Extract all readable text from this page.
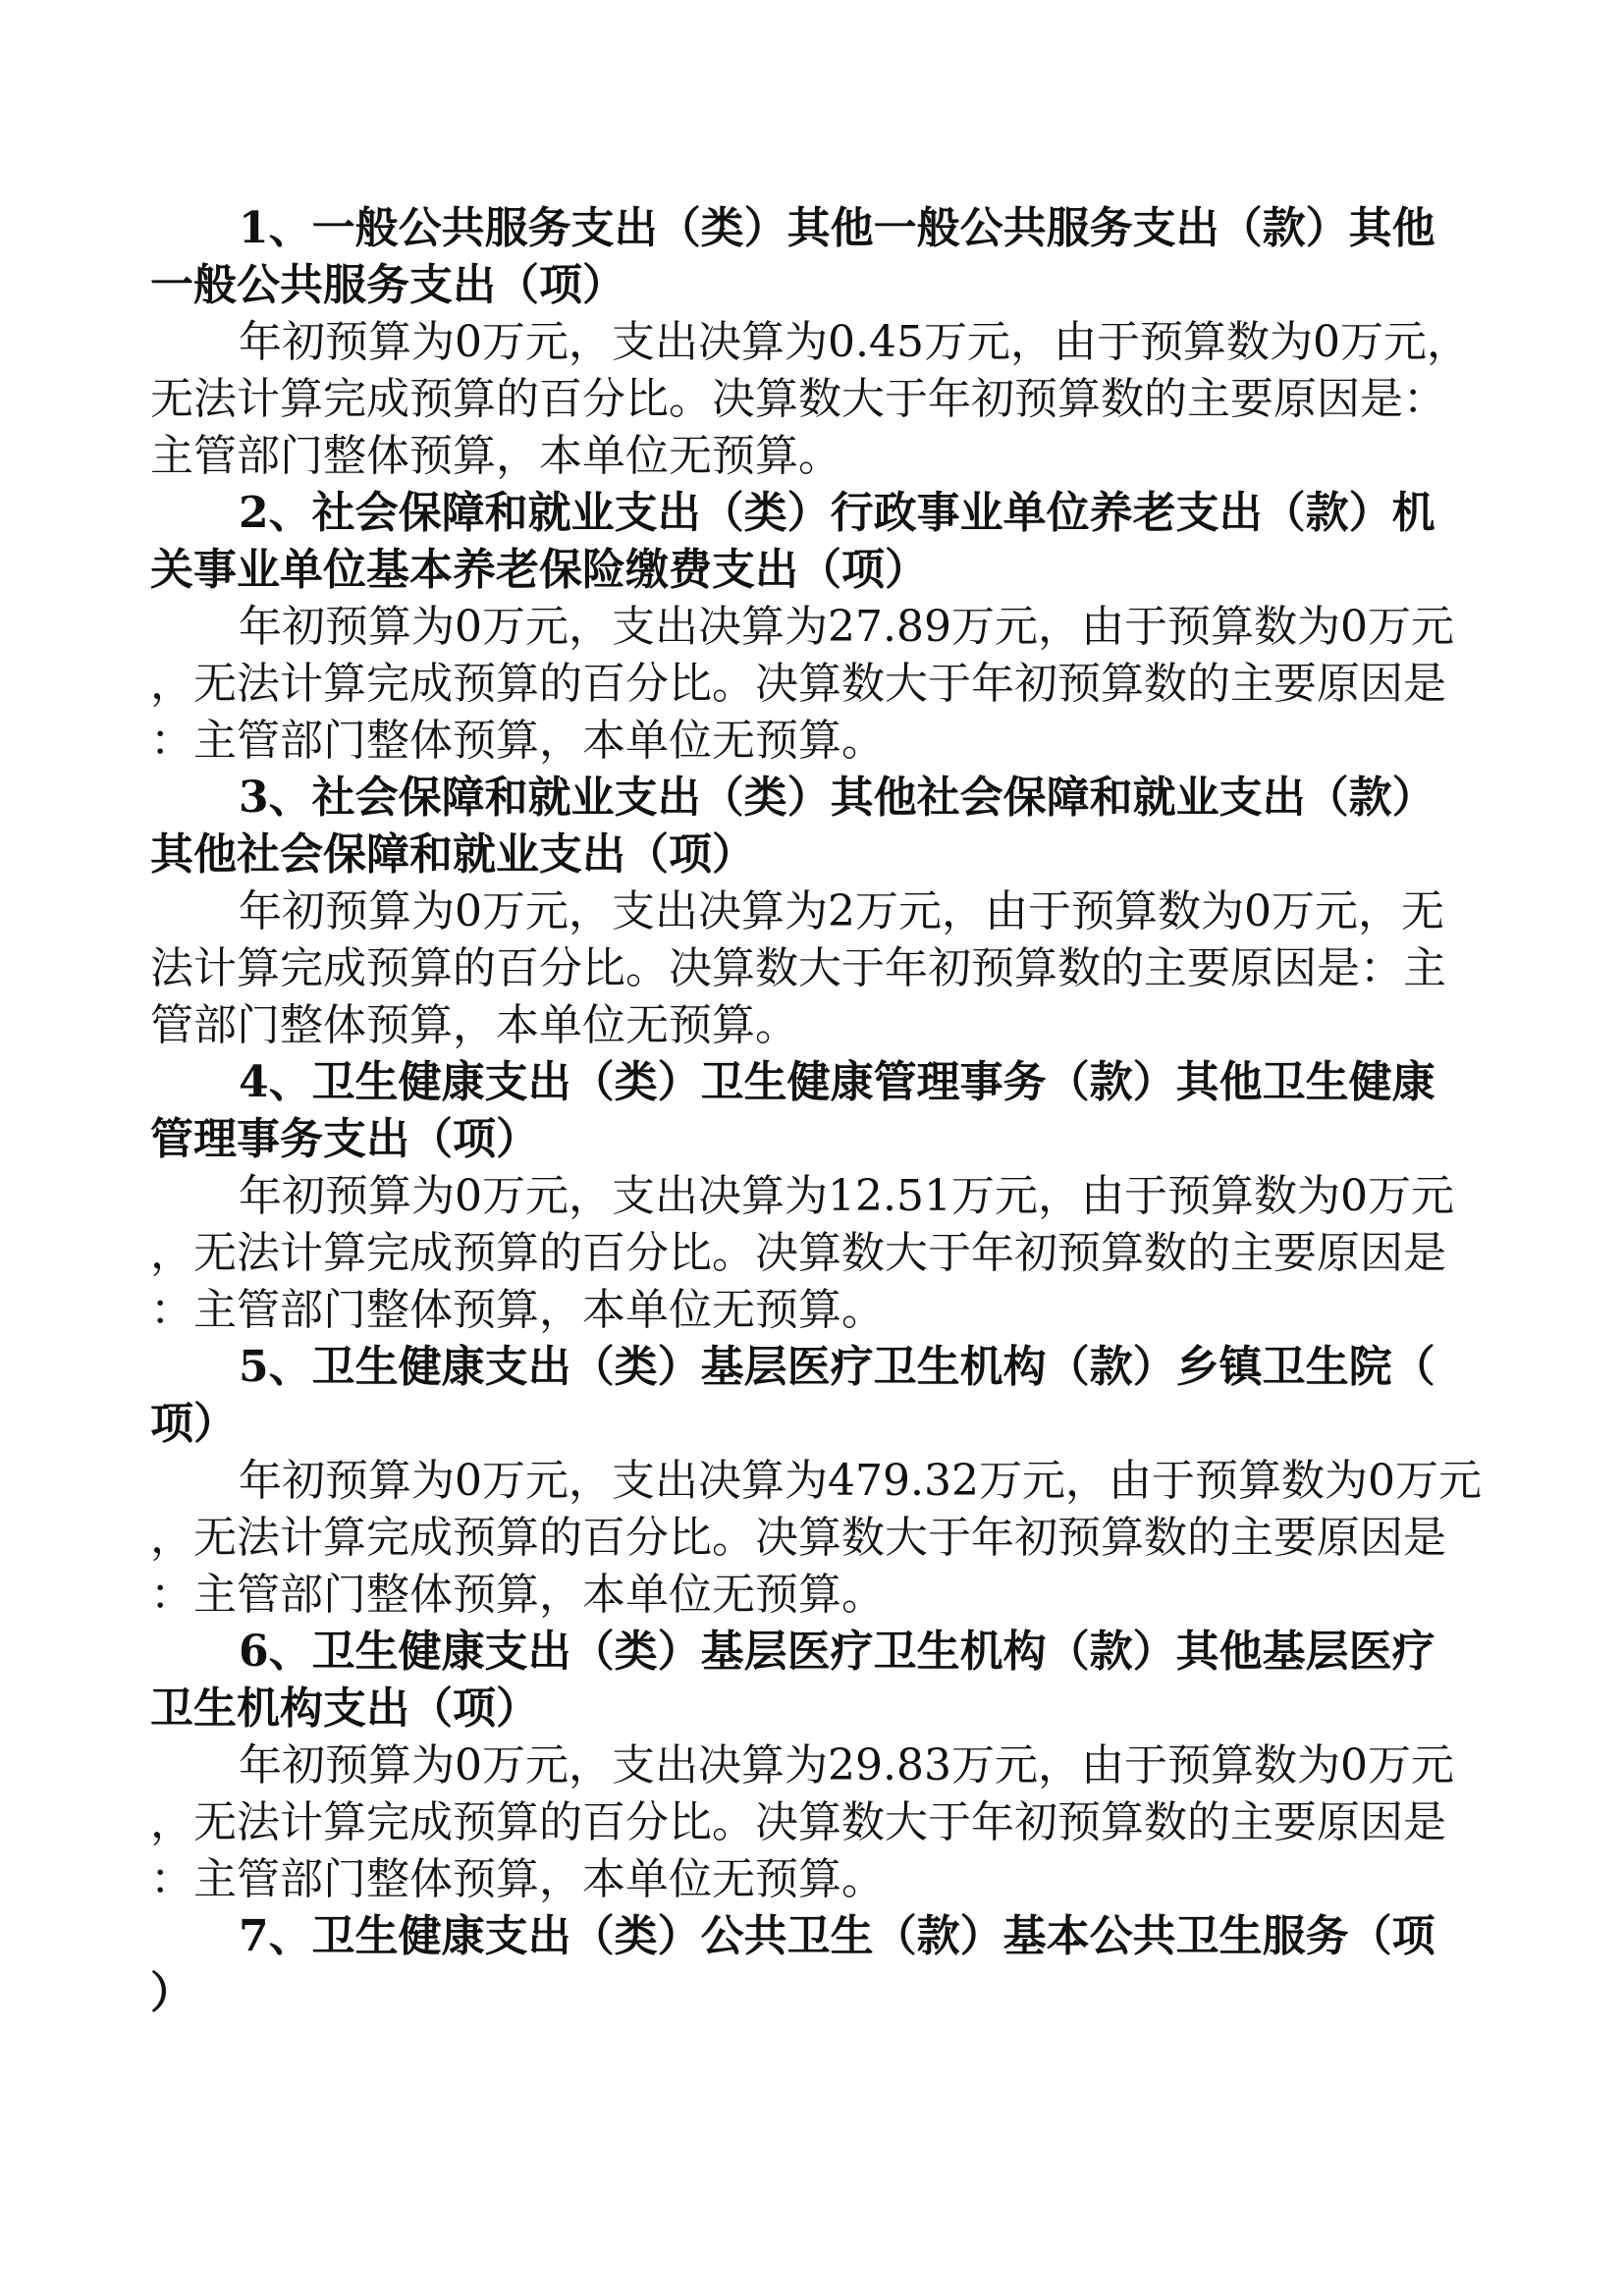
1、一般公共服务支出（类）其他一般公共服务支出（款）其他
一般公共服务支出（项）
年初预算为0万元，支出决算为0.45万元，由于预算数为0万元，
无法计算完成预算的百分比。决算数大于年初预算数的主要原因是：
主管部门整体预算，本单位无预算。
2、社会保障和就业支出（类）行政事业单位养老支出（款）机
关事业单位基本养老保险缴费支出（项）
年初预算为0万元，支出决算为27.89万元，由于预算数为0万元
，无法计算完成预算的百分比。决算数大于年初预算数的主要原因是
：主管部门整体预算，本单位无预算。
3、社会保障和就业支出（类）其他社会保障和就业支出（款）
其他社会保障和就业支出（项）
年初预算为0万元，支出决算为2万元，由于预算数为0万元，无
法计算完成预算的百分比。决算数大于年初预算数的主要原因是：主
管部门整体预算，本单位无预算。
4、卫生健康支出（类）卫生健康管理事务（款）其他卫生健康
管理事务支出（项）
年初预算为0万元，支出决算为12.51万元，由于预算数为0万元
，无法计算完成预算的百分比。决算数大于年初预算数的主要原因是
：主管部门整体预算，本单位无预算。
5、卫生健康支出（类）基层医疗卫生机构（款）乡镇卫生院（
项）
年初预算为0万元，支出决算为479.32万元，由于预算数为0万元
，无法计算完成预算的百分比。决算数大于年初预算数的主要原因是
：主管部门整体预算，本单位无预算。
6、卫生健康支出（类）基层医疗卫生机构（款）其他基层医疗
卫生机构支出（项）
年初预算为0万元，支出决算为29.83万元，由于预算数为0万元
，无法计算完成预算的百分比。决算数大于年初预算数的主要原因是
：主管部门整体预算，本单位无预算。
7、卫生健康支出（类）公共卫生（款）基本公共卫生服务（项
）
